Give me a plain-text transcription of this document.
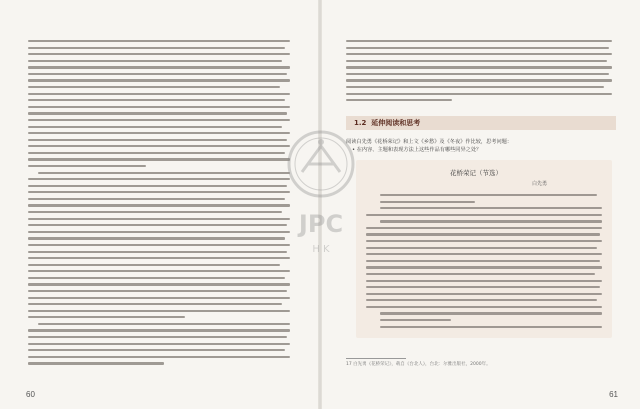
60
1.2 延伸阅读和思考
阅读白先勇《花桥荣记》和上文《乡愁》及《冬夜》作比较，思考问题：
• 在内容、主题和表现方法上这些作品有哪些同异之处？
花桥荣记（节选）
白先勇
17 白先勇《花桥荣记》，载自《台北人》，台北：尔雅出版社，2000年。
61
JPC
H K
